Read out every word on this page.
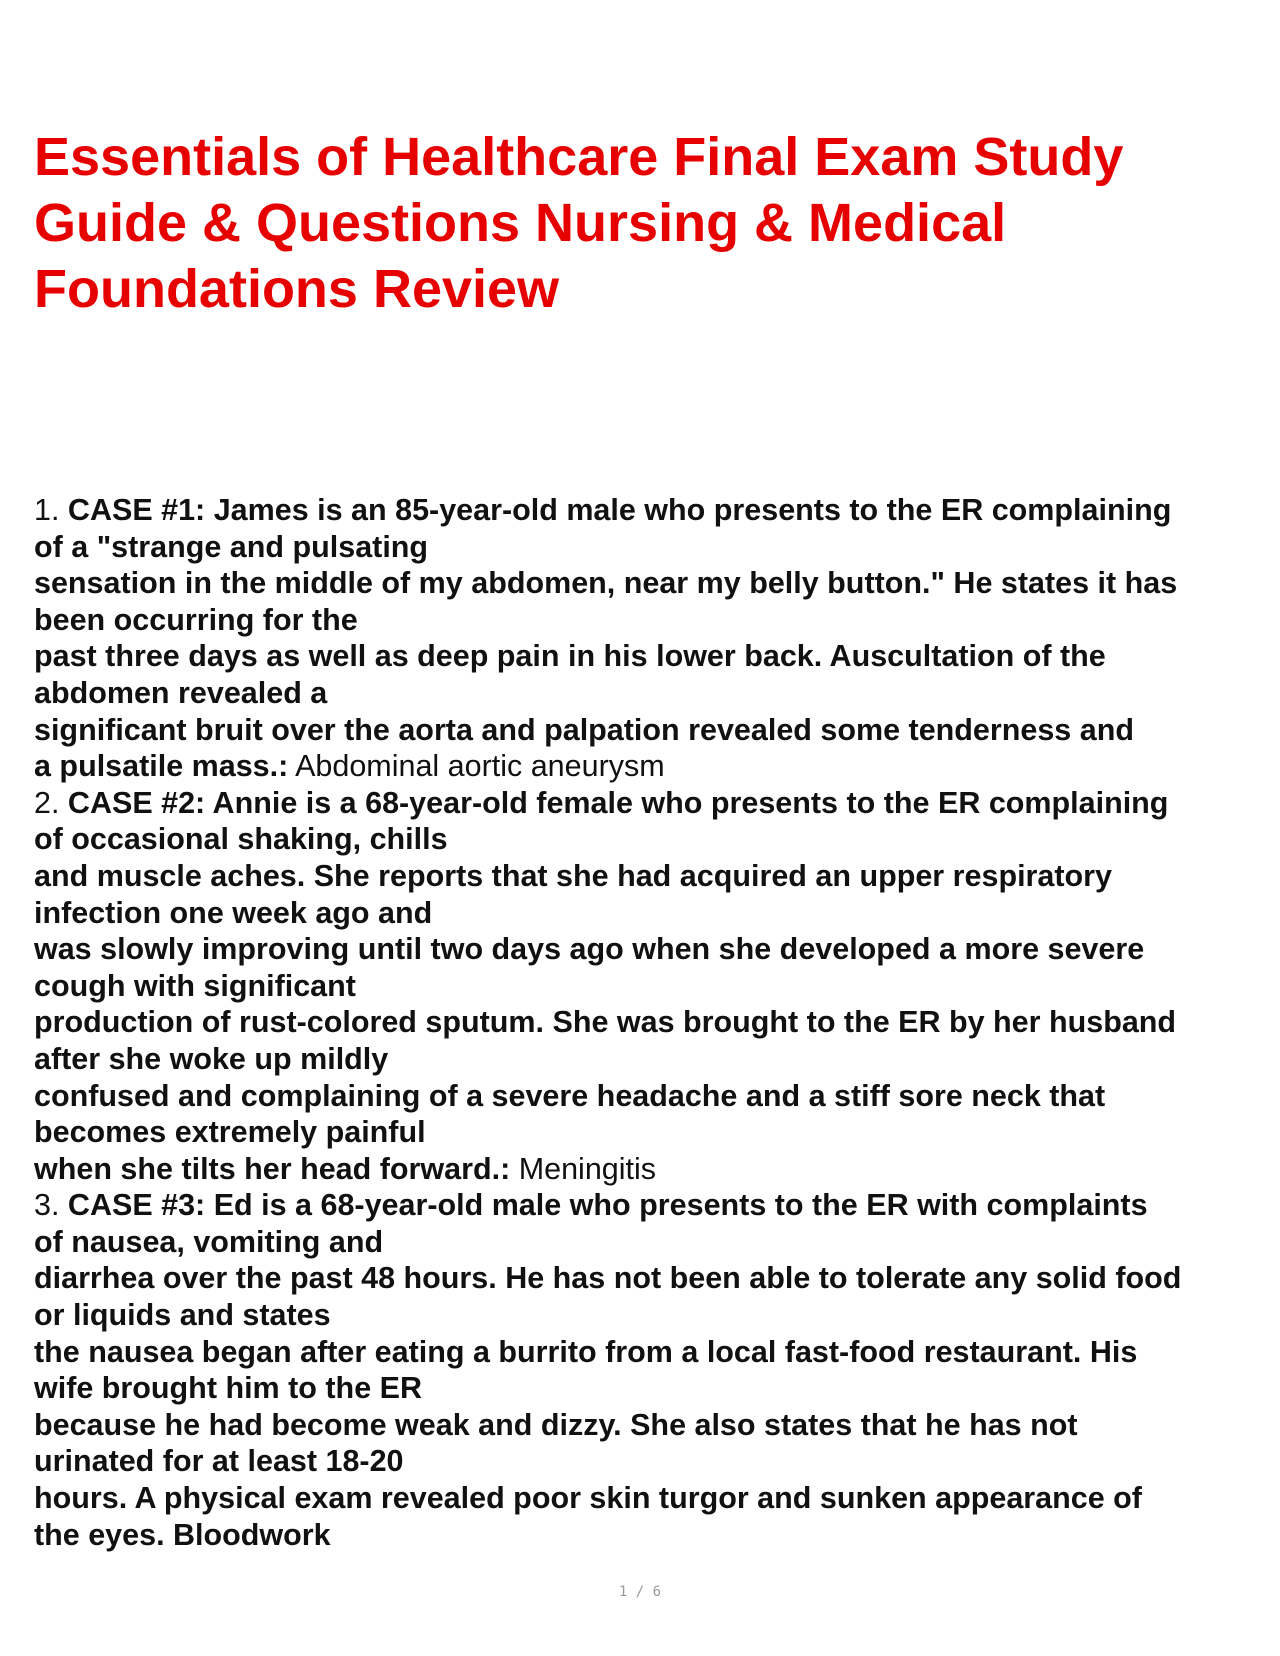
Essentials of Healthcare Final Exam Study
Guide & Questions Nursing & Medical
Foundations Review
1. CASE #1: James is an 85-year-old male who presents to the ER complaining
of a "strange and pulsating
sensation in the middle of my abdomen, near my belly button." He states it has
been occurring for the
past three days as well as deep pain in his lower back. Auscultation of the
abdomen revealed a
significant bruit over the aorta and palpation revealed some tenderness and
a pulsatile mass.: Abdominal aortic aneurysm
2. CASE #2: Annie is a 68-year-old female who presents to the ER complaining
of occasional shaking, chills
and muscle aches. She reports that she had acquired an upper respiratory
infection one week ago and
was slowly improving until two days ago when she developed a more severe
cough with significant
production of rust-colored sputum. She was brought to the ER by her husband
after she woke up mildly
confused and complaining of a severe headache and a stiff sore neck that
becomes extremely painful
when she tilts her head forward.: Meningitis
3. CASE #3: Ed is a 68-year-old male who presents to the ER with complaints
of nausea, vomiting and
diarrhea over the past 48 hours. He has not been able to tolerate any solid food
or liquids and states
the nausea began after eating a burrito from a local fast-food restaurant. His
wife brought him to the ER
because he had become weak and dizzy. She also states that he has not
urinated for at least 18-20
hours. A physical exam revealed poor skin turgor and sunken appearance of
the eyes. Bloodwork
1 / 6
